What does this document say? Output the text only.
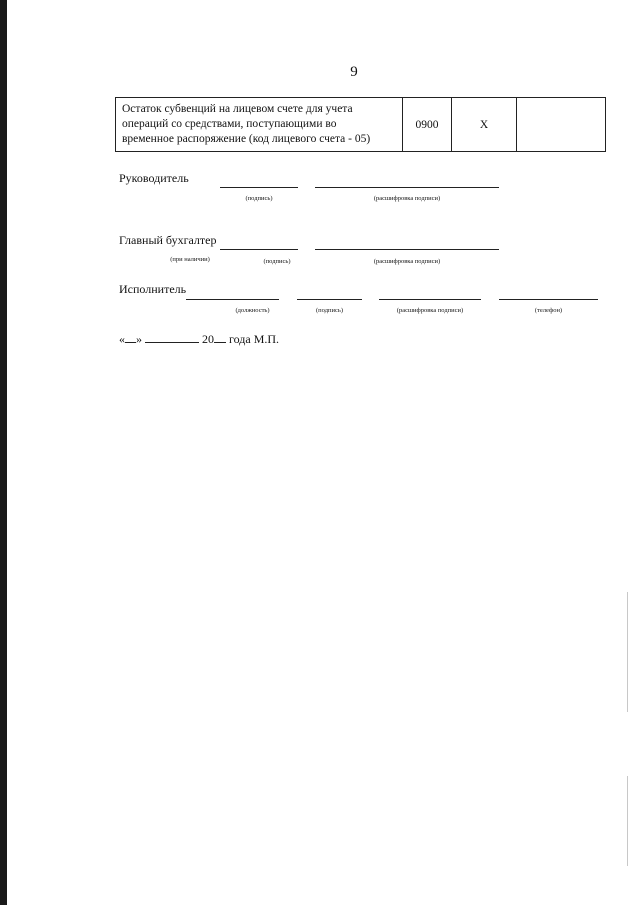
9
Остаток субвенций на лицевом счете для учета
операций со средствами, поступающими во
временное распоряжение (код лицевого счета - 05)	0900	X	
Руководитель
(подпись)	(расшифровка подписи)
Главный бухгалтер
(при наличии)	(подпись)	(расшифровка подписи)
Исполнитель
(должность)	(подпись)	(расшифровка подписи)	(телефон)
« »	20 года М.П.
